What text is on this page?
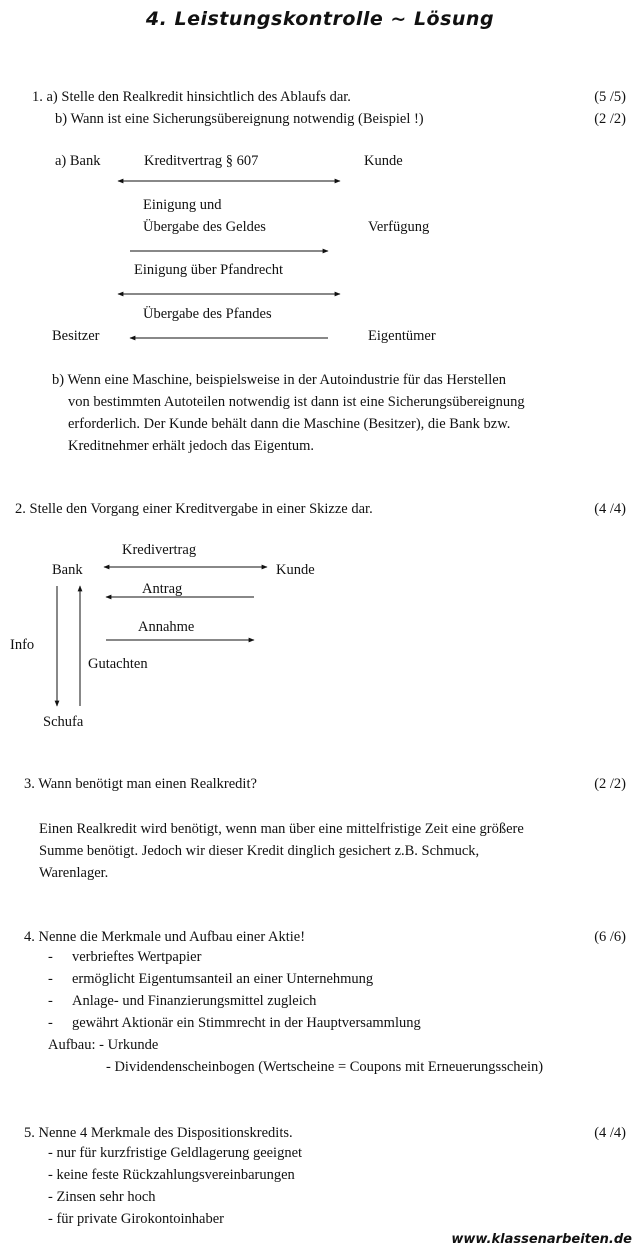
4. Leistungskontrolle ~ Lösung
1. a) Stelle den Realkredit hinsichtlich des Ablaufs dar.	(5 /5)
b) Wann ist eine Sicherungsübereignung notwendig (Beispiel !)	(2 /2)
a) Bank	Kreditvertrag § 607	Kunde
Einigung und
Übergabe des Geldes	Verfügung
Einigung über Pfandrecht
Übergabe des Pfandes
Besitzer	Eigentümer
b) Wenn eine Maschine, beispielsweise in der Autoindustrie für das Herstellen
von bestimmten Autoteilen notwendig ist dann ist eine Sicherungsübereignung
erforderlich. Der Kunde behält dann die Maschine (Besitzer), die Bank bzw.
Kreditnehmer erhält jedoch das Eigentum.
2. Stelle den Vorgang einer Kreditvergabe in einer Skizze dar.	(4 /4)
Kredivertrag
Bank	Kunde
Antrag
Annahme
Info
Gutachten
Schufa
3. Wann benötigt man einen Realkredit?	(2 /2)
Einen Realkredit wird benötigt, wenn man über eine mittelfristige Zeit eine größere
Summe benötigt. Jedoch wir dieser Kredit dinglich gesichert z.B. Schmuck,
Warenlager.
4. Nenne die Merkmale und Aufbau einer Aktie!	(6 /6)
- verbrieftes Wertpapier
- ermöglicht Eigentumsanteil an einer Unternehmung
- Anlage- und Finanzierungsmittel zugleich
- gewährt Aktionär ein Stimmrecht in der Hauptversammlung
Aufbau: - Urkunde
- Dividendenscheinbogen (Wertscheine = Coupons mit Erneuerungsschein)
5. Nenne 4 Merkmale des Dispositionskredits.	(4 /4)
- nur für kurzfristige Geldlagerung geeignet
- keine feste Rückzahlungsvereinbarungen
- Zinsen sehr hoch
- für private Girokontoinhaber
www.klassenarbeiten.de
